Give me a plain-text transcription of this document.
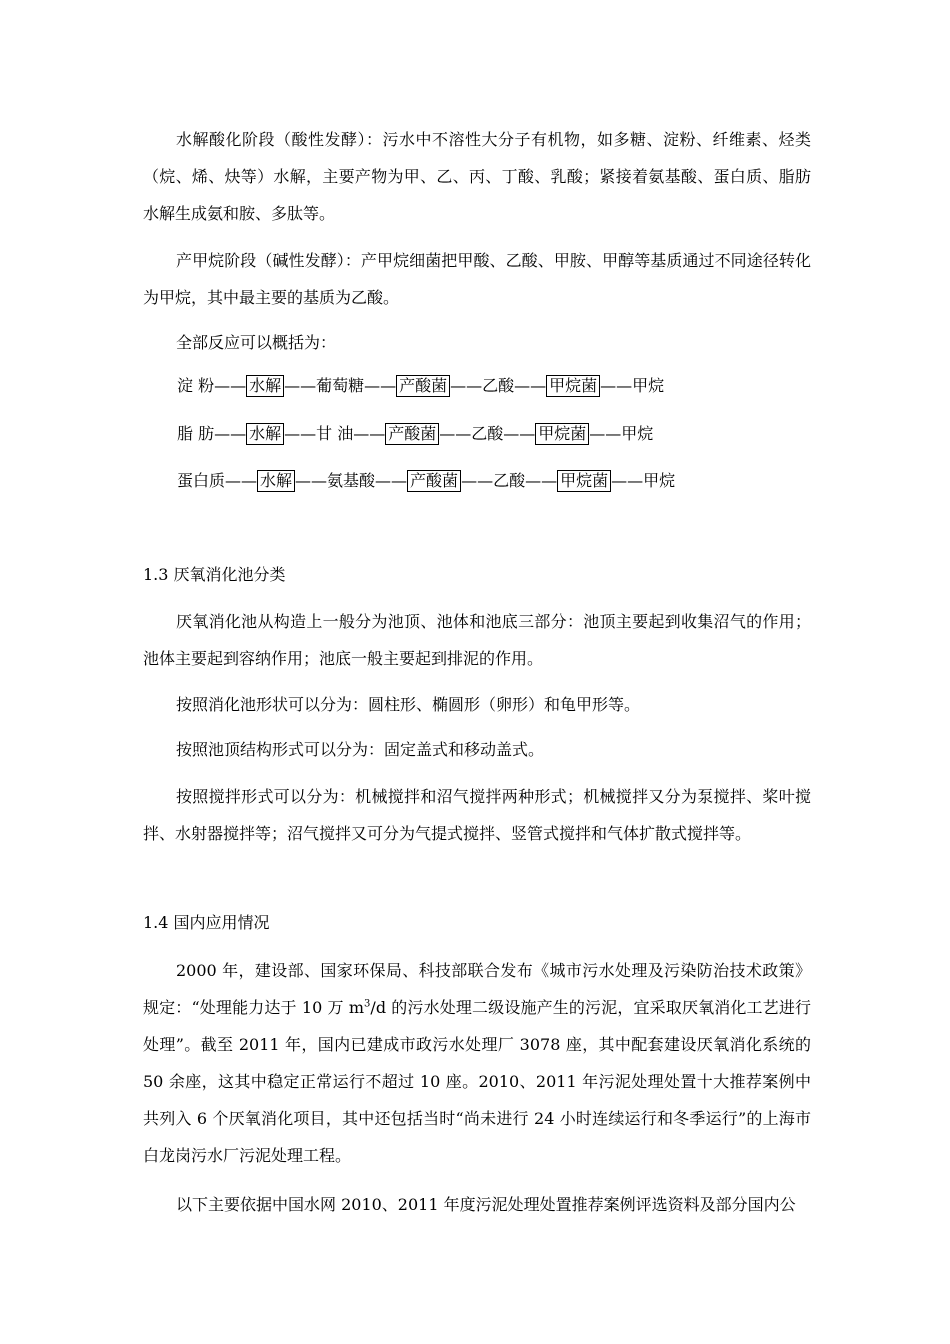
水解酸化阶段（酸性发酵）：污水中不溶性大分子有机物，如多糖、淀粉、纤维素、烃类（烷、烯、炔等）水解，主要产物为甲、乙、丙、丁酸、乳酸；紧接着氨基酸、蛋白质、脂肪水解生成氨和胺、多肽等。

产甲烷阶段（碱性发酵）：产甲烷细菌把甲酸、乙酸、甲胺、甲醇等基质通过不同途径转化为甲烷，其中最主要的基质为乙酸。

全部反应可以概括为：

淀 粉—— 水解 ——葡萄糖—— 产酸菌 ——乙酸—— 甲烷菌 ——甲烷

脂 肪—— 水解 ——甘 油—— 产酸菌 ——乙酸—— 甲烷菌 ——甲烷

蛋白质—— 水解 ——氨基酸—— 产酸菌 ——乙酸—— 甲烷菌 ——甲烷

1.3 厌氧消化池分类

厌氧消化池从构造上一般分为池顶、池体和池底三部分：池顶主要起到收集沼气的作用；池体主要起到容纳作用；池底一般主要起到排泥的作用。

按照消化池形状可以分为：圆柱形、椭圆形（卵形）和龟甲形等。

按照池顶结构形式可以分为：固定盖式和移动盖式。

按照搅拌形式可以分为：机械搅拌和沼气搅拌两种形式；机械搅拌又分为泵搅拌、桨叶搅拌、水射器搅拌等；沼气搅拌又可分为气提式搅拌、竖管式搅拌和气体扩散式搅拌等。

1.4 国内应用情况

2000 年，建设部、国家环保局、科技部联合发布《城市污水处理及污染防治技术政策》规定：“处理能力达于 10 万 $m^3/d$ 的污水处理二级设施产生的污泥，宜采取厌氧消化工艺进行处理”。截至 2011 年，国内已建成市政污水处理厂 3078 座，其中配套建设厌氧消化系统的 50 余座，这其中稳定正常运行不超过 10 座。2010、2011 年污泥处理处置十大推荐案例中共列入 6 个厌氧消化项目，其中还包括当时“尚未进行 24 小时连续运行和冬季运行”的上海市白龙岗污水厂污泥处理工程。

以下主要依据中国水网 2010、2011 年度污泥处理处置推荐案例评选资料及部分国内公
